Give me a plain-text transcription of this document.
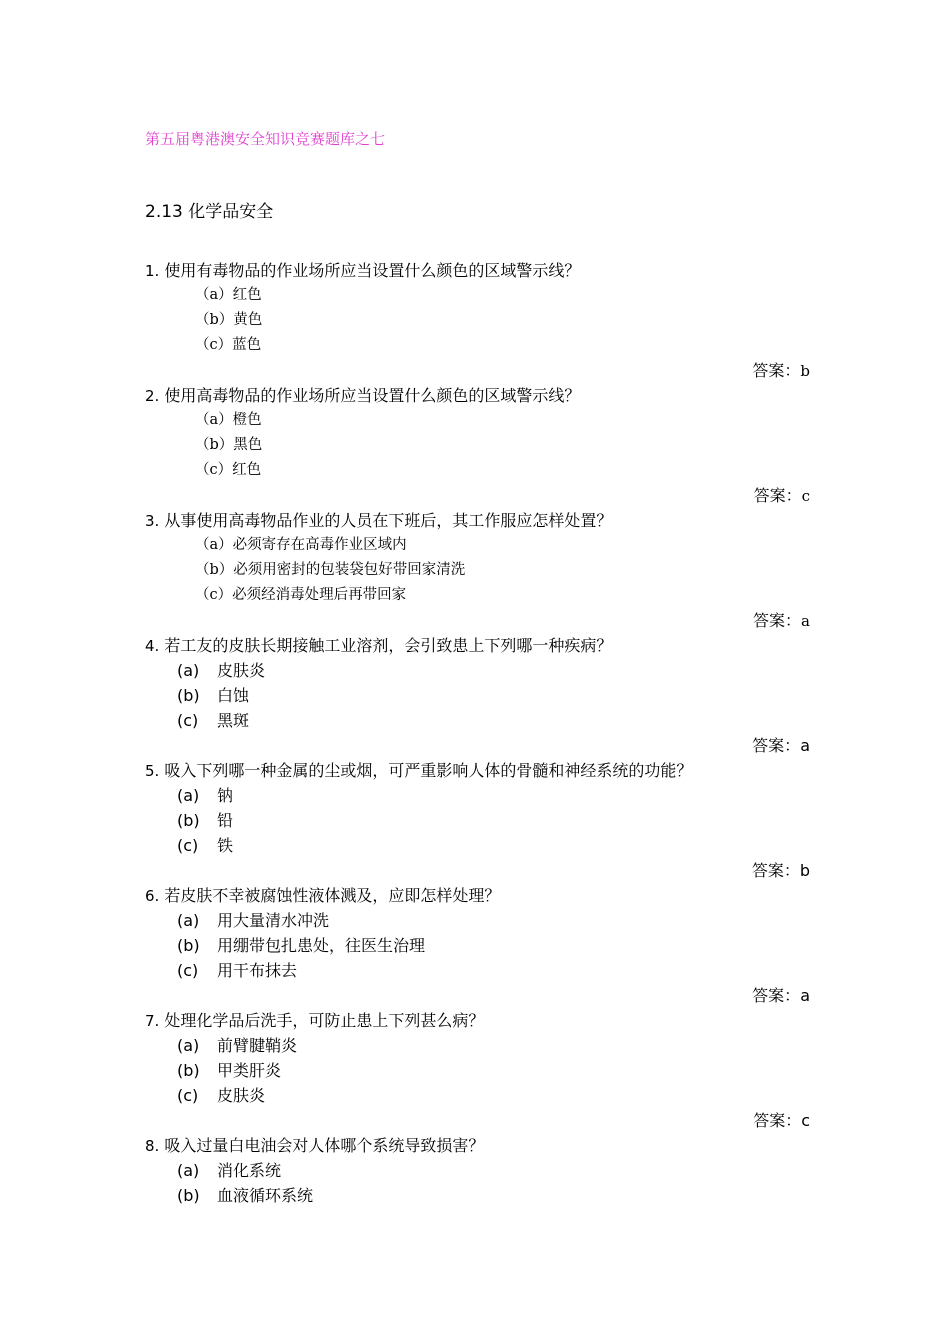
第五届粤港澳安全知识竞赛题库之七
2.13 化学品安全
1. 使用有毒物品的作业场所应当设置什么颜色的区域警示线？
（a）红色
（b）黄色
（c）蓝色
答案：b
2. 使用高毒物品的作业场所应当设置什么颜色的区域警示线？
（a）橙色
（b）黑色
（c）红色
答案：c
3. 从事使用高毒物品作业的人员在下班后，其工作服应怎样处置？
（a）必须寄存在高毒作业区域内
（b）必须用密封的包装袋包好带回家清洗
（c）必须经消毒处理后再带回家
答案：a
4. 若工友的皮肤长期接触工业溶剂，会引致患上下列哪一种疾病？
(a) 皮肤炎
(b) 白蚀
(c) 黑斑
答案：a
5. 吸入下列哪一种金属的尘或烟，可严重影响人体的骨髓和神经系统的功能？
(a) 钠
(b) 铅
(c) 铁
答案：b
6. 若皮肤不幸被腐蚀性液体溅及，应即怎样处理？
(a) 用大量清水冲洗
(b) 用绷带包扎患处，往医生治理
(c) 用干布抹去
答案：a
7. 处理化学品后洗手，可防止患上下列甚么病？
(a) 前臂腱鞘炎
(b) 甲类肝炎
(c) 皮肤炎
答案：c
8. 吸入过量白电油会对人体哪个系统导致损害？
(a) 消化系统
(b) 血液循环系统
